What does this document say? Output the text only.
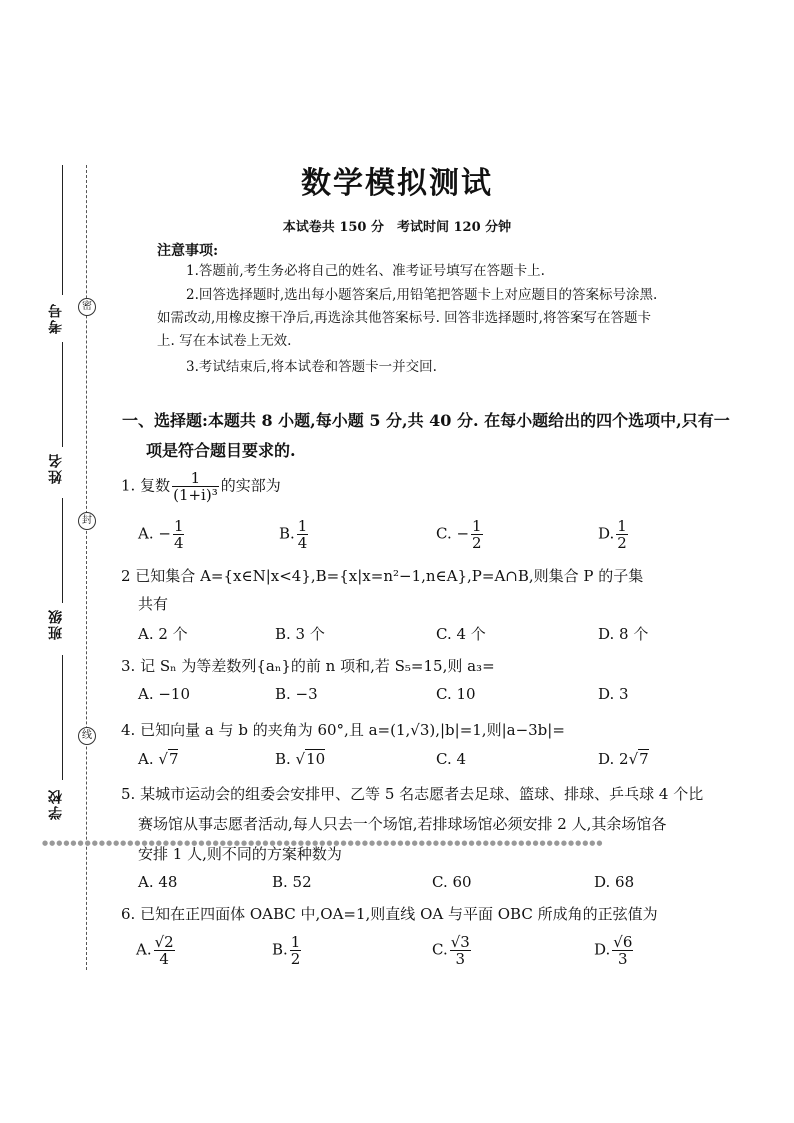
密
封
线
考号
姓名
班级
学校
●●●●●●●●●●●●●●●●●●●●●●●●●●●●●●●●●●●●●●●●●●●●●●●●●●●●●●●●●●●●●●●●●●●●●●●●●●●●●●●
数学模拟测试
本试卷共 150 分　考试时间 120 分钟
注意事项:
1.答题前,考生务必将自己的姓名、准考证号填写在答题卡上.
2.回答选择题时,选出每小题答案后,用铅笔把答题卡上对应题目的答案标号涂黑.
如需改动,用橡皮擦干净后,再选涂其他答案标号. 回答非选择题时,将答案写在答题卡
上. 写在本试卷上无效.
3.考试结束后,将本试卷和答题卡一并交回.
一、选择题:本题共 8 小题,每小题 5 分,共 40 分. 在每小题给出的四个选项中,只有一
项是符合题目要求的.
1. 复数 $\frac{1}{\text{(1+i)³}}$ 的实部为
A. − $\frac{1}{4}$	B. $\frac{1}{4}$	C. − $\frac{1}{2}$	D. $\frac{1}{2}$
2 已知集合 A={x∈N|x<4},B={x|x=n²−1,n∈A},P=A∩B,则集合 P 的子集
共有
A. 2 个	B. 3 个	C. 4 个	D. 8 个
3. 记 Sₙ 为等差数列{aₙ}的前 n 项和,若 S₅=15,则 a₃=
A. −10	B. −3	C. 10	D. 3
4. 已知向量 a 与 b 的夹角为 60°,且 a=(1,√3),|b|=1,则|a−3b|=
A. √7	B. √10	C. 4	D. 2√7
5. 某城市运动会的组委会安排甲、乙等 5 名志愿者去足球、篮球、排球、乒乓球 4 个比
赛场馆从事志愿者活动,每人只去一个场馆,若排球场馆必须安排 2 人,其余场馆各
安排 1 人,则不同的方案种数为
A. 48	B. 52	C. 60	D. 68
6. 已知在正四面体 OABC 中,OA=1,则直线 OA 与平面 OBC 所成角的正弦值为
A. $\frac{√2}{4}$	B. $\frac{1}{2}$	C. $\frac{√3}{3}$	D. $\frac{√6}{3}$
